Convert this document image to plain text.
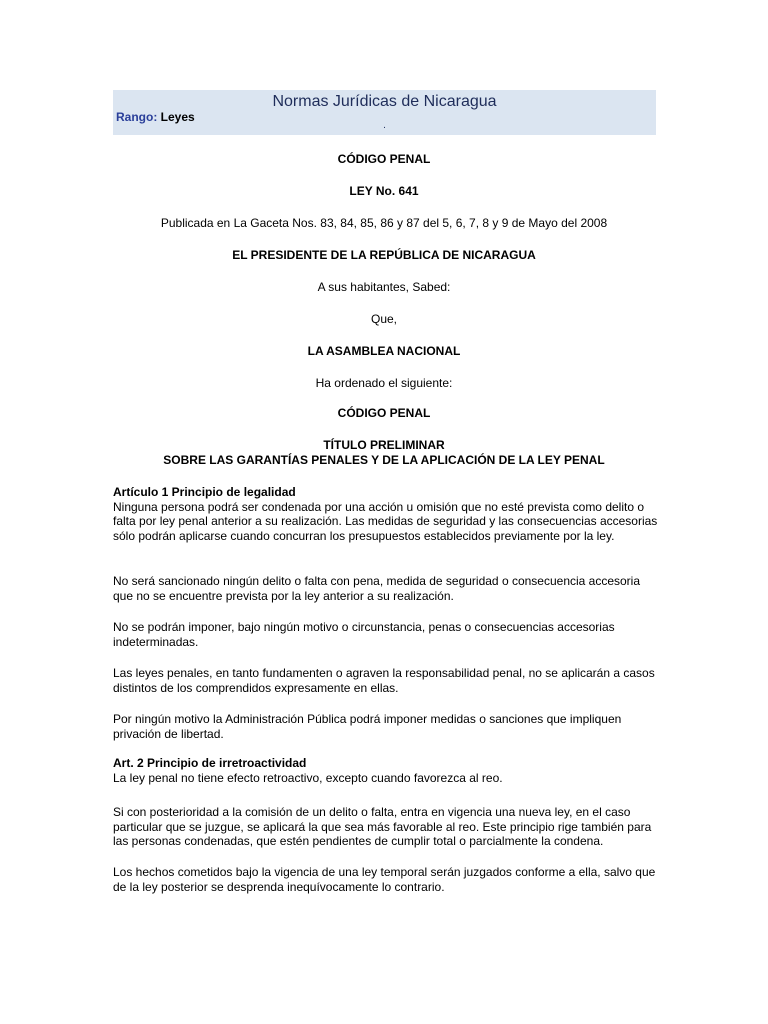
Normas Jurídicas de Nicaragua
Rango: Leyes
.
CÓDIGO PENAL
LEY No. 641
Publicada en La Gaceta Nos. 83, 84, 85, 86 y 87 del 5, 6, 7, 8 y 9 de Mayo del 2008
EL PRESIDENTE DE LA REPÚBLICA DE NICARAGUA
A sus habitantes, Sabed:
Que,
LA ASAMBLEA NACIONAL
Ha ordenado el siguiente:
CÓDIGO PENAL
TÍTULO PRELIMINAR
SOBRE LAS GARANTÍAS PENALES Y DE LA APLICACIÓN DE LA LEY PENAL
Artículo 1 Principio de legalidad
Ninguna persona podrá ser condenada por una acción u omisión que no esté prevista como delito o falta por ley penal anterior a su realización. Las medidas de seguridad y las consecuencias accesorias sólo podrán aplicarse cuando concurran los presupuestos establecidos previamente por la ley.
No será sancionado ningún delito o falta con pena, medida de seguridad o consecuencia accesoria que no se encuentre prevista por la ley anterior a su realización.
No se podrán imponer, bajo ningún motivo o circunstancia, penas o consecuencias accesorias indeterminadas.
Las leyes penales, en tanto fundamenten o agraven la responsabilidad penal, no se aplicarán a casos distintos de los comprendidos expresamente en ellas.
Por ningún motivo la Administración Pública podrá imponer medidas o sanciones que impliquen privación de libertad.
Art. 2 Principio de irretroactividad
La ley penal no tiene efecto retroactivo, excepto cuando favorezca al reo.
Si con posterioridad a la comisión de un delito o falta, entra en vigencia una nueva ley, en el caso particular que se juzgue, se aplicará la que sea más favorable al reo. Este principio rige también para las personas condenadas, que estén pendientes de cumplir total o parcialmente la condena.
Los hechos cometidos bajo la vigencia de una ley temporal serán juzgados conforme a ella, salvo que de la ley posterior se desprenda inequívocamente lo contrario.
